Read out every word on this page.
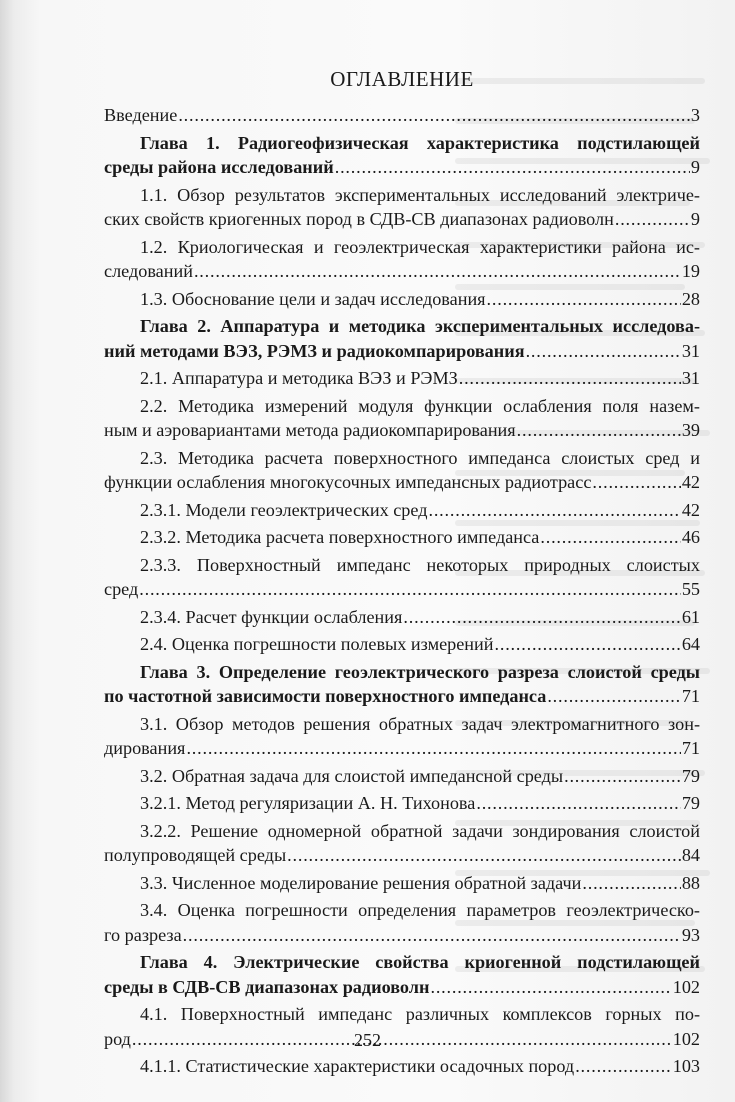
ОГЛАВЛЕНИЕ
Введение .....	3
Глава 1. Радиогеофизическая характеристика подстилающей
среды района исследований .....	9
1.1. Обзор результатов экспериментальных исследований электриче-
ских свойств криогенных пород в СДВ-СВ диапазонах радиоволн .....	9
1.2. Криологическая и геоэлектрическая характеристики района ис-
следований .....	19
1.3. Обоснование цели и задач исследования .....	28
Глава 2. Аппаратура и методика экспериментальных исследова-
ний методами ВЭЗ, РЭМЗ и радиокомпарирования .....	31
2.1. Аппаратура и методика ВЭЗ и РЭМЗ .....	31
2.2. Методика измерений модуля функции ослабления поля назем-
ным и аэровариантами метода радиокомпарирования .....	39
2.3. Методика расчета поверхностного импеданса слоистых сред и
функции ослабления многокусочных импедансных радиотрасс .....	42
2.3.1. Модели геоэлектрических сред .....	42
2.3.2. Методика расчета поверхностного импеданса .....	46
2.3.3. Поверхностный импеданс некоторых природных слоистых
сред .....	55
2.3.4. Расчет функции ослабления .....	61
2.4. Оценка погрешности полевых измерений .....	64
Глава 3. Определение геоэлектрического разреза слоистой среды
по частотной зависимости поверхностного импеданса .....	71
3.1. Обзор методов решения обратных задач электромагнитного зон-
дирования .....	71
3.2. Обратная задача для слоистой импедансной среды .....	79
3.2.1. Метод регуляризации А. Н. Тихонова .....	79
3.2.2. Решение одномерной обратной задачи зондирования слоистой
полупроводящей среды .....	84
3.3. Численное моделирование решения обратной задачи .....	88
3.4. Оценка погрешности определения параметров геоэлектрическо-
го разреза .....	93
Глава 4. Электрические свойства криогенной подстилающей
среды в СДВ-СВ диапазонах радиоволн .....	102
4.1. Поверхностный импеданс различных комплексов горных по-
род .....	102
4.1.1. Статистические характеристики осадочных пород .....	103
252
